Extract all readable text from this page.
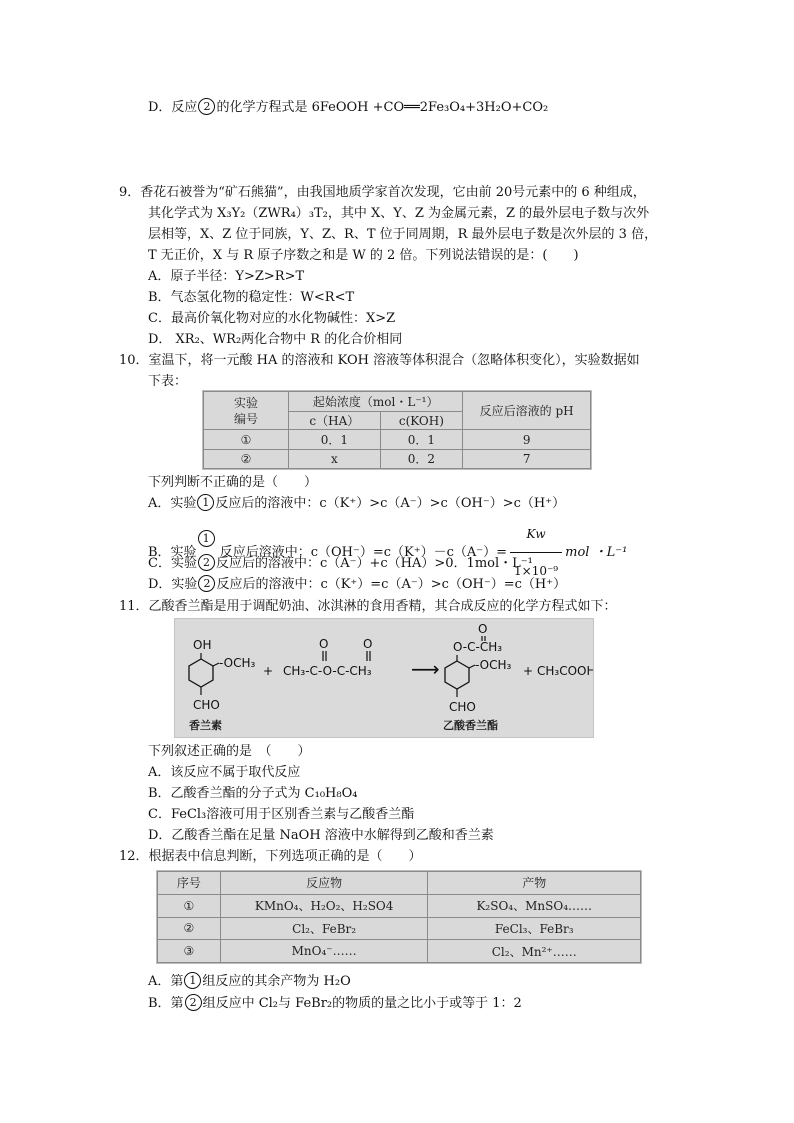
D．反应 2 的化学方程式是 6FeOOH +CO══2Fe₃O₄+3H₂O+CO₂
9．香花石被誉为“矿石熊猫”，由我国地质学家首次发现，它由前 20号元素中的 6 种组成，
其化学式为 X₃Y₂（ZWR₄）₃T₂，其中 X、Y、Z 为金属元素，Z 的最外层电子数与次外
层相等，X、Z 位于同族，Y、Z、R、T 位于同周期，R 最外层电子数是次外层的 3 倍，
T 无正价，X 与 R 原子序数之和是 W 的 2 倍。下列说法错误的是：(　　)
A．原子半径：Y>Z>R>T
B．气态氢化物的稳定性：W<R<T
C．最高价氧化物对应的水化物碱性：X>Z
D． XR₂、WR₂两化合物中 R 的化合价相同
10．室温下，将一元酸 HA 的溶液和 KOH 溶液等体积混合（忽略体积变化），实验数据如
下表：
实验
编号	起始浓度（mol・L⁻¹）		反应后溶液的 pH
	c（HA）	c(KOH)	
①	0．1	0．1	9
②	x	0．2	7
下列判断不正确的是（　　）
A．实验 1 反应后的溶液中：c（K⁺）>c（A⁻）>c（OH⁻）>c（H⁺）
B．实验1 反应后溶液中：$c(OH^-)=c(K^+)-c(A^-)= \frac{Kw}{\text{1×10⁻⁹}}$ mol ・L⁻¹
C．实验 2 反应后的溶液中：c（A⁻）+c（HA）>0．1mol・L⁻¹
D．实验 2 反应后的溶液中：c（K⁺）=c（A⁻）>c（OH⁻）=c（H⁺）
11．乙酸香兰酯是用于调配奶油、冰淇淋的食用香精，其合成反应的化学方程式如下：
OH
-OCH₃
CHO
香兰素
+
O	O
CH₃-C-O-C-CH₃ ⟶
O
O-C-CH₃
-OCH₃
CHO
乙酸香兰酯
+ CH₃COOH
下列叙述正确的是　（　　）
A．该反应不属于取代反应
B．乙酸香兰酯的分子式为 C₁₀H₈O₄
C．FeCl₃溶液可用于区别香兰素与乙酸香兰酯
D．乙酸香兰酯在足量 NaOH 溶液中水解得到乙酸和香兰素
12．根据表中信息判断，下列选项正确的是（　　）
序号	反应物	产物
①	KMnO₄、H₂O₂、H₂SO4	K₂SO₄、MnSO₄……
②	Cl₂、FeBr₂	FeCl₃、FeBr₃
③	MnO₄⁻……	Cl₂、Mn²⁺……
A．第 1 组反应的其余产物为 H₂O
B．第 2 组反应中 Cl₂与 FeBr₂的物质的量之比小于或等于 1：2
